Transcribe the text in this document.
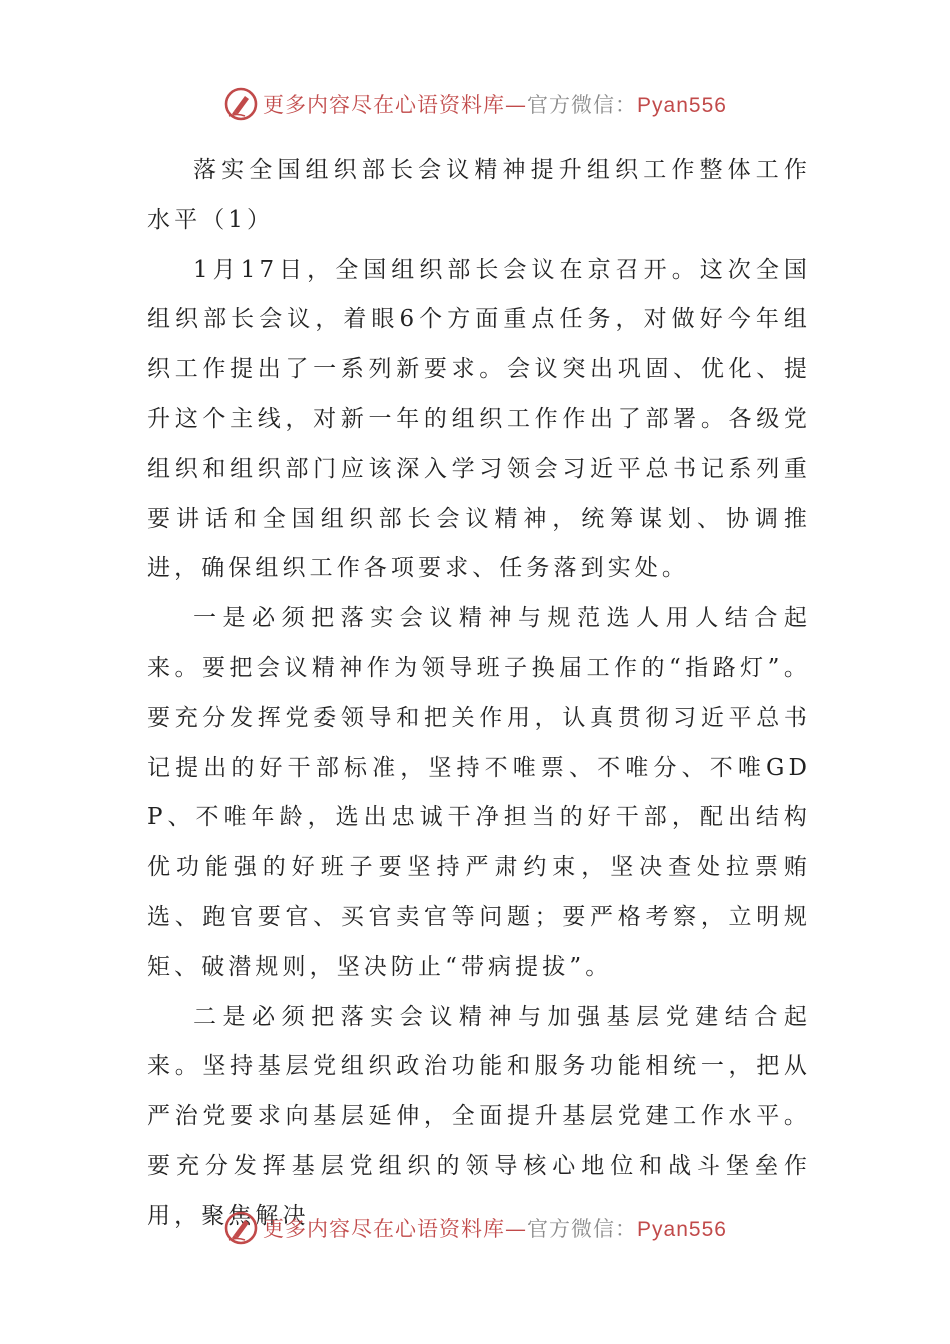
更多内容尽在心语资料库—官方微信：Pyan556

落实全国组织部长会议精神提升组织工作整体工作水平（1）

1月17日，全国组织部长会议在京召开。这次全国组织部长会议，着眼6个方面重点任务，对做好今年组织工作提出了一系列新要求。会议突出巩固、优化、提升这个主线，对新一年的组织工作作出了部署。各级党组织和组织部门应该深入学习领会习近平总书记系列重要讲话和全国组织部长会议精神，统筹谋划、协调推进，确保组织工作各项要求、任务落到实处。

一是必须把落实会议精神与规范选人用人结合起来。要把会议精神作为领导班子换届工作的“指路灯”。要充分发挥党委领导和把关作用，认真贯彻习近平总书记提出的好干部标准，坚持不唯票、不唯分、不唯GDP、不唯年龄，选出忠诚干净担当的好干部，配出结构优功能强的好班子要坚持严肃约束，坚决查处拉票贿选、跑官要官、买官卖官等问题；要严格考察，立明规矩、破潜规则，坚决防止“带病提拔”。

二是必须把落实会议精神与加强基层党建结合起来。坚持基层党组织政治功能和服务功能相统一，把从严治党要求向基层延伸，全面提升基层党建工作水平。要充分发挥基层党组织的领导核心地位和战斗堡垒作用，聚焦解决

更多内容尽在心语资料库—官方微信：Pyan556
